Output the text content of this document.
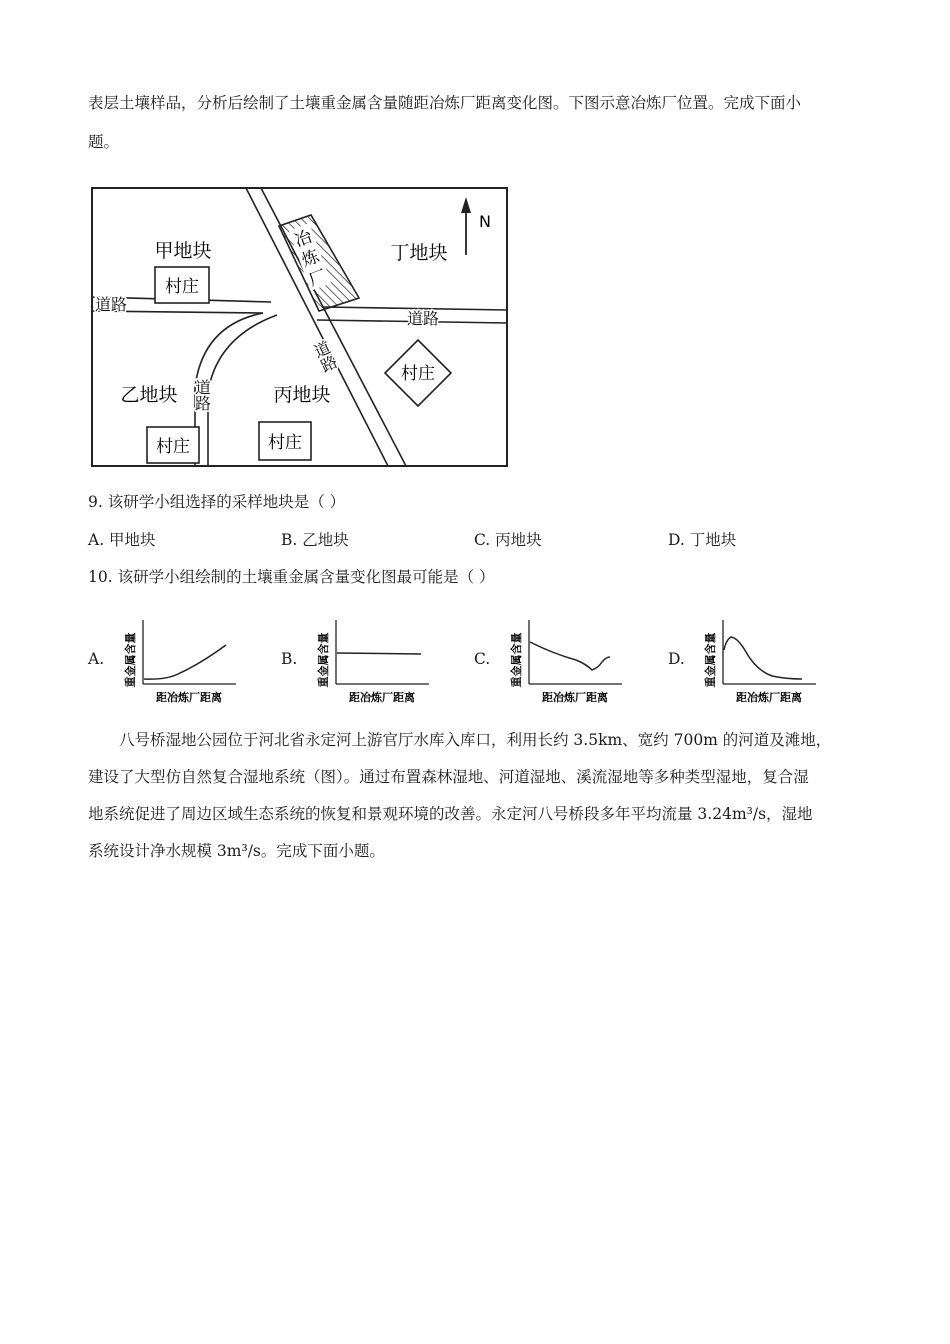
表层土壤样品，分析后绘制了土壤重金属含量随距冶炼厂距离变化图。下图示意冶炼厂位置。完成下面小
题。
冶
炼
厂
N
甲地块	丁地块
乙地块	丙地块
村庄
村庄	村庄
村庄
道路
道路
道路
道路
9. 该研学小组选择的采样地块是（ ）
A. 甲地块	B. 乙地块	C. 丙地块	D. 丁地块
10. 该研学小组绘制的土壤重金属含量变化图最可能是（ ）
A. 重金属含量
距冶炼厂距离
B. 重金属含量
距冶炼厂距离
C. 重金属含量
距冶炼厂距离
D. 重金属含量
距冶炼厂距离
八号桥湿地公园位于河北省永定河上游官厅水库入库口，利用长约 3.5km、宽约 700m 的河道及滩地，
建设了大型仿自然复合湿地系统（图）。通过布置森林湿地、河道湿地、溪流湿地等多种类型湿地，复合湿
地系统促进了周边区域生态系统的恢复和景观环境的改善。永定河八号桥段多年平均流量 3.24m³/s，湿地
系统设计净水规模 3m³/s。完成下面小题。
